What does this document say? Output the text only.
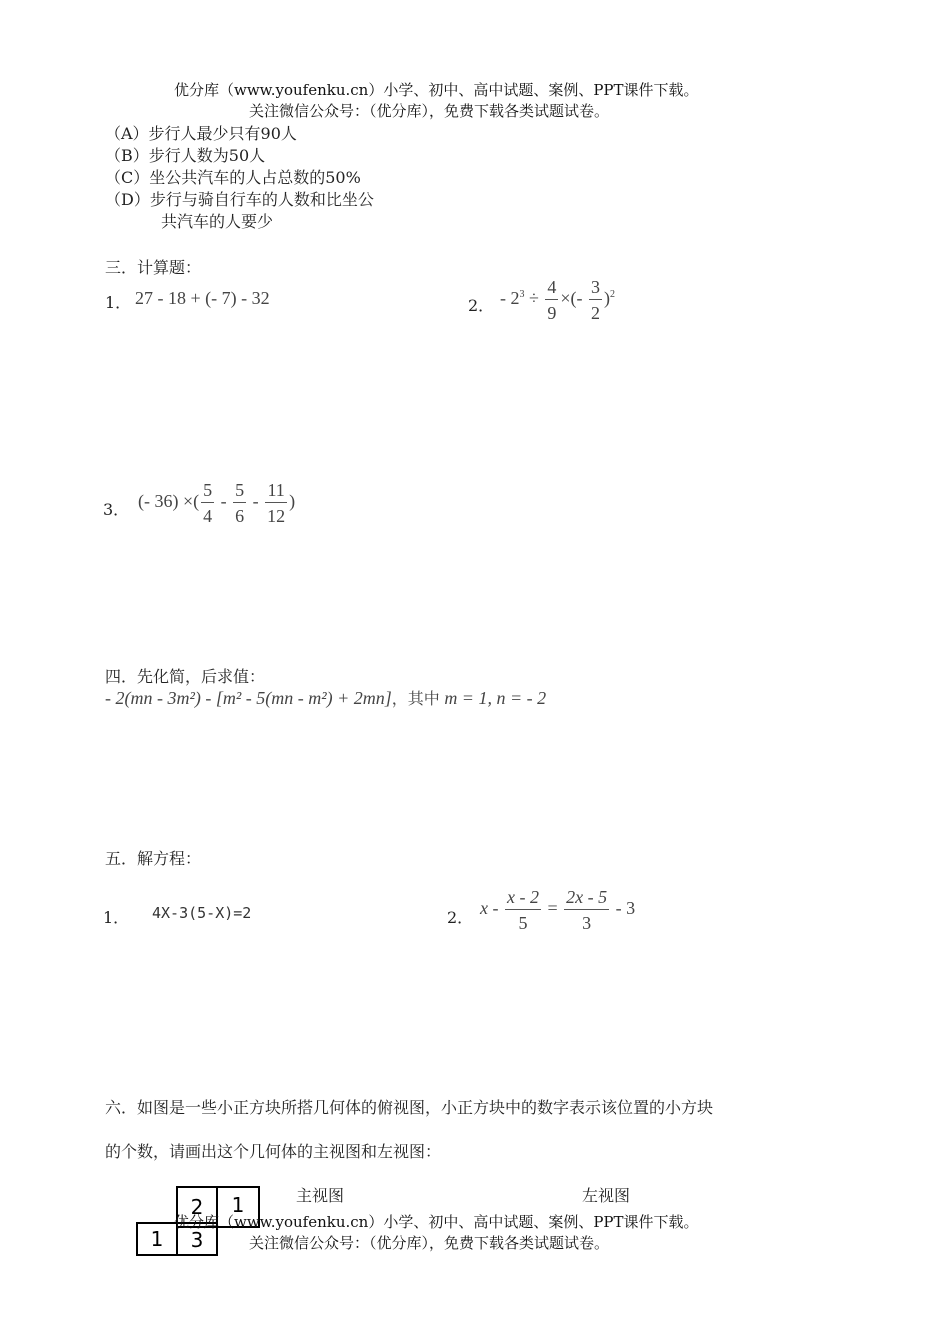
优分库（www.youfenku.cn）小学、初中、高中试题、案例、PPT课件下载。
关注微信公众号：（优分库），免费下载各类试题试卷。
（A）步行人最少只有90人
（B）步行人数为50人
（C）坐公共汽车的人占总数的50%
（D）步行与骑自行车的人数和比坐公
共汽车的人要少
三．计算题：
1． 27 - 18 + (- 7) - 32	2． - $2^3 \div \frac{4}{9}$ ×(- $\frac{3}{2} )^2$
3． (- 36) ×( $\frac{5}{4} - \frac{5}{6} - \frac{11}{12}$ )
四．先化简，后求值：
- 2(mn - 3m²) - [m² - 5(mn - m²) + 2mn]，其中 m = 1, n = - 2
五．解方程：
1． 4X-3(5-X)=2	2． $x - \frac{x - 2}{5} = \frac{2x - 5}{3} - 3$
六．如图是一些小正方块所搭几何体的俯视图，小正方块中的数字表示该位置的小方块
的个数，请画出这个几何体的主视图和左视图：
主视图	左视图
2	1
1	3
优分库（www.youfenku.cn）小学、初中、高中试题、案例、PPT课件下载。
关注微信公众号：（优分库），免费下载各类试题试卷。
